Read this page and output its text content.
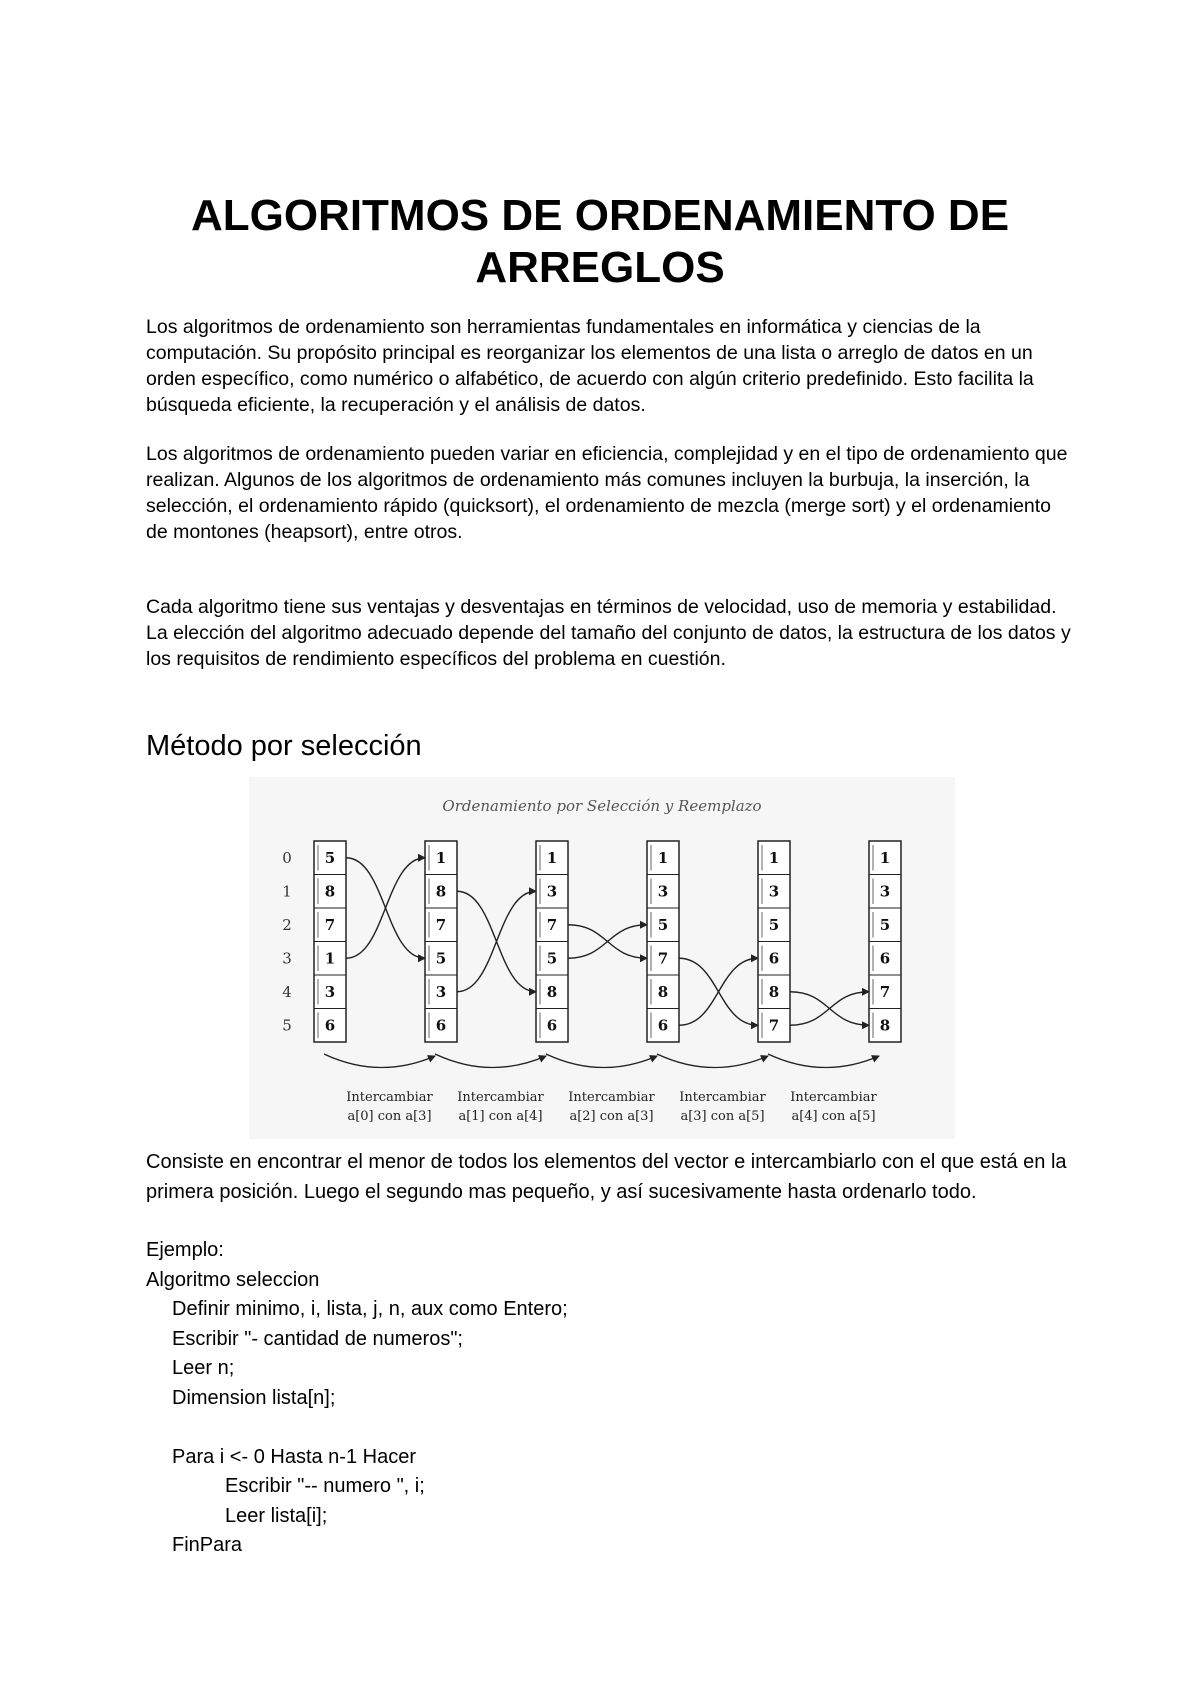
ALGORITMOS DE ORDENAMIENTO DE ARREGLOS

Los algoritmos de ordenamiento son herramientas fundamentales en informática y ciencias de la computación. Su propósito principal es reorganizar los elementos de una lista o arreglo de datos en un orden específico, como numérico o alfabético, de acuerdo con algún criterio predefinido. Esto facilita la búsqueda eficiente, la recuperación y el análisis de datos.

Los algoritmos de ordenamiento pueden variar en eficiencia, complejidad y en el tipo de ordenamiento que realizan. Algunos de los algoritmos de ordenamiento más comunes incluyen la burbuja, la inserción, la selección, el ordenamiento rápido (quicksort), el ordenamiento de mezcla (merge sort) y el ordenamiento de montones (heapsort), entre otros.

Cada algoritmo tiene sus ventajas y desventajas en términos de velocidad, uso de memoria y estabilidad. La elección del algoritmo adecuado depende del tamaño del conjunto de datos, la estructura de los datos y los requisitos de rendimiento específicos del problema en cuestión.

Método por selección
Ordenamiento por Selección y Reemplazo
0
1
2
3
4
5
5
8
7
1
3
6
1
8
7
5
3
6
1
3
7
5
8
6
1
3
5
7
8
6
1
3
5
6
8
7
1
3
5
6
7
8
Intercambiar
a[0] con a[3]
Intercambiar
a[1] con a[4]
Intercambiar
a[2] con a[3]
Intercambiar
a[3] con a[5]
Intercambiar
a[4] con a[5]

Consiste en encontrar el menor de todos los elementos del vector e intercambiarlo con el que está en la primera posición. Luego el segundo mas pequeño, y así sucesivamente hasta ordenarlo todo.

Ejemplo:
Algoritmo seleccion
Definir minimo, i, lista, j, n, aux como Entero;
Escribir "- cantidad de numeros";
Leer n;
Dimension lista[n];
Para i <- 0 Hasta n-1 Hacer
Escribir "-- numero ", i;
Leer lista[i];
FinPara
